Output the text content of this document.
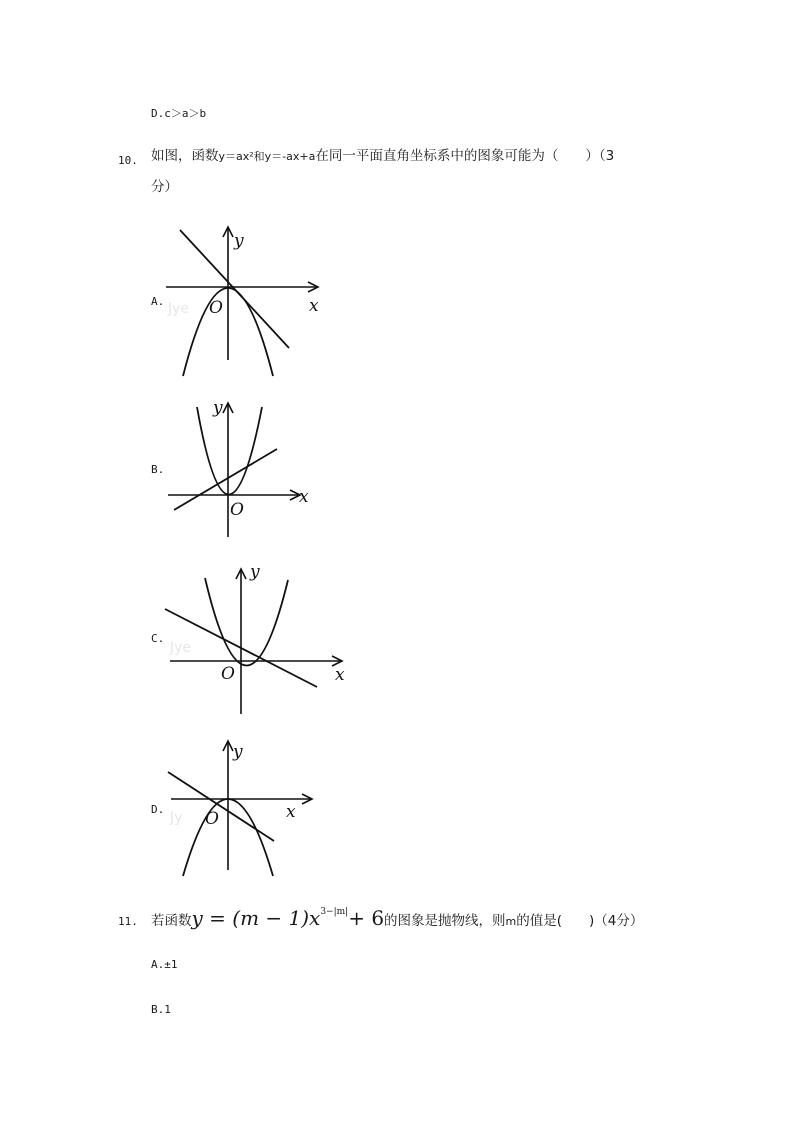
D.c＞a＞b
10. 如图，函数y＝ax²和y＝-ax+a在同一平面直角坐标系中的图象可能为（　　）（3
分）
A. Jye
y
x
O
B.
y
x
O
C.
Jye
y
x
O
D.
Jy
y
x
O
11. 若函数$y = (m - 1)x^{3-|m|}+ 6$的图象是抛物线，则m的值是(　　)（4分）
A.±1
B.1
